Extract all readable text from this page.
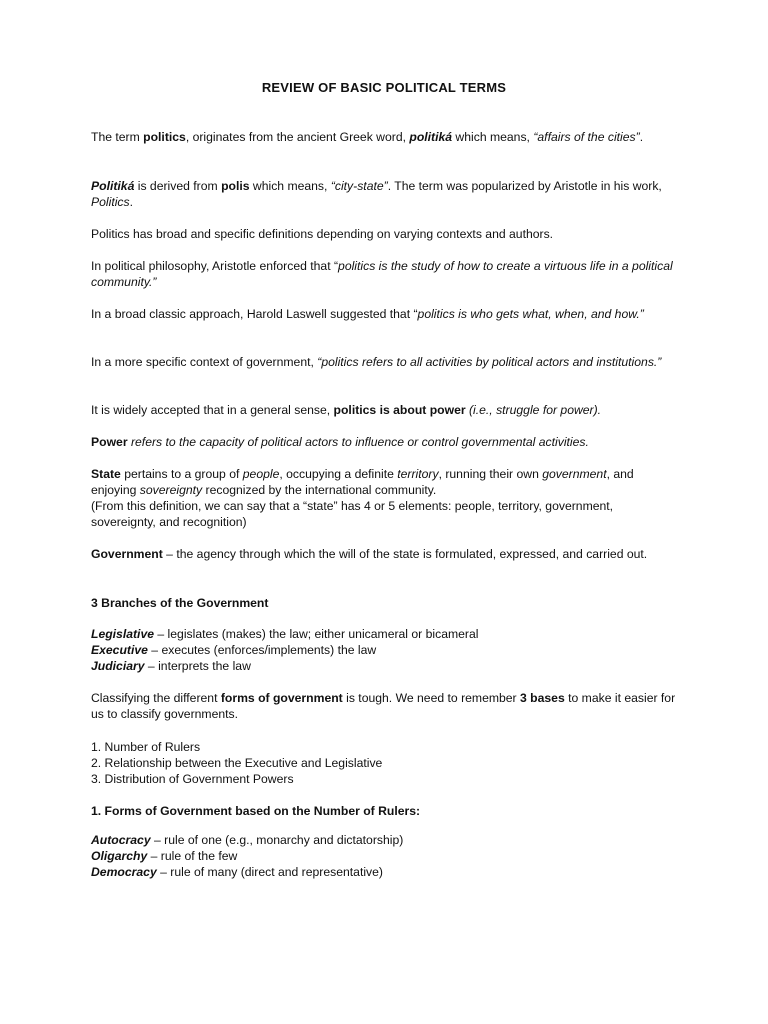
REVIEW OF BASIC POLITICAL TERMS

The term politics, originates from the ancient Greek word, politiká which means, “affairs of the cities”.

Politiká is derived from polis which means, “city-state”. The term was popularized by Aristotle in his work, Politics.

Politics has broad and specific definitions depending on varying contexts and authors.

In political philosophy, Aristotle enforced that “politics is the study of how to create a virtuous life in a political community.”

In a broad classic approach, Harold Laswell suggested that “politics is who gets what, when, and how.”

In a more specific context of government, “politics refers to all activities by political actors and institutions.”

It is widely accepted that in a general sense, politics is about power (i.e., struggle for power).

Power refers to the capacity of political actors to influence or control governmental activities.

State pertains to a group of people, occupying a definite territory, running their own government, and enjoying sovereignty recognized by the international community.
(From this definition, we can say that a “state” has 4 or 5 elements: people, territory, government, sovereignty, and recognition)

Government – the agency through which the will of the state is formulated, expressed, and carried out.

3 Branches of the Government

Legislative – legislates (makes) the law; either unicameral or bicameral
Executive – executes (enforces/implements) the law
Judiciary – interprets the law

Classifying the different forms of government is tough. We need to remember 3 bases to make it easier for us to classify governments.

1. Number of Rulers
2. Relationship between the Executive and Legislative
3. Distribution of Government Powers

1. Forms of Government based on the Number of Rulers:

Autocracy – rule of one (e.g., monarchy and dictatorship)
Oligarchy – rule of the few
Democracy – rule of many (direct and representative)
